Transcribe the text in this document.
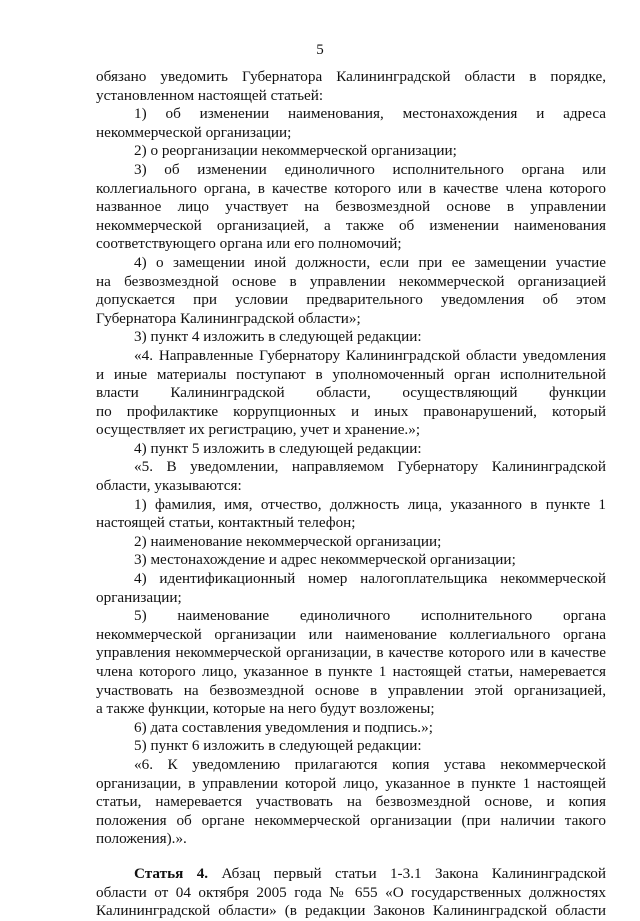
5
обязано уведомить Губернатора Калининградской области в порядке,
установленном настоящей статьей:
1) об изменении наименования, местонахождения и адреса
некоммерческой организации;
2) о реорганизации некоммерческой организации;
3) об изменении единоличного исполнительного органа или
коллегиального органа, в качестве которого или в качестве члена которого
названное лицо участвует на безвозмездной основе в управлении
некоммерческой организацией, а также об изменении наименования
соответствующего органа или его полномочий;
4) о замещении иной должности, если при ее замещении участие
на безвозмездной основе в управлении некоммерческой организацией
допускается при условии предварительного уведомления об этом
Губернатора Калининградской области»;
3) пункт 4 изложить в следующей редакции:
«4. Направленные Губернатору Калининградской области уведомления
и иные материалы поступают в уполномоченный орган исполнительной
власти Калининградской области, осуществляющий функции
по профилактике коррупционных и иных правонарушений, который
осуществляет их регистрацию, учет и хранение.»;
4) пункт 5 изложить в следующей редакции:
«5. В уведомлении, направляемом Губернатору Калининградской
области, указываются:
1) фамилия, имя, отчество, должность лица, указанного в пункте 1
настоящей статьи, контактный телефон;
2) наименование некоммерческой организации;
3) местонахождение и адрес некоммерческой организации;
4) идентификационный номер налогоплательщика некоммерческой
организации;
5) наименование единоличного исполнительного органа
некоммерческой организации или наименование коллегиального органа
управления некоммерческой организации, в качестве которого или в качестве
члена которого лицо, указанное в пункте 1 настоящей статьи, намеревается
участвовать на безвозмездной основе в управлении этой организацией,
а также функции, которые на него будут возложены;
6) дата составления уведомления и подпись.»;
5) пункт 6 изложить в следующей редакции:
«6. К уведомлению прилагаются копия устава некоммерческой
организации, в управлении которой лицо, указанное в пункте 1 настоящей
статьи, намеревается участвовать на безвозмездной основе, и копия
положения об органе некоммерческой организации (при наличии такого
положения).».
Статья 4. Абзац первый статьи 1-3.1 Закона Калининградской
области от 04 октября 2005 года № 655 «О государственных должностях
Калининградской области» (в редакции Законов Калининградской области
